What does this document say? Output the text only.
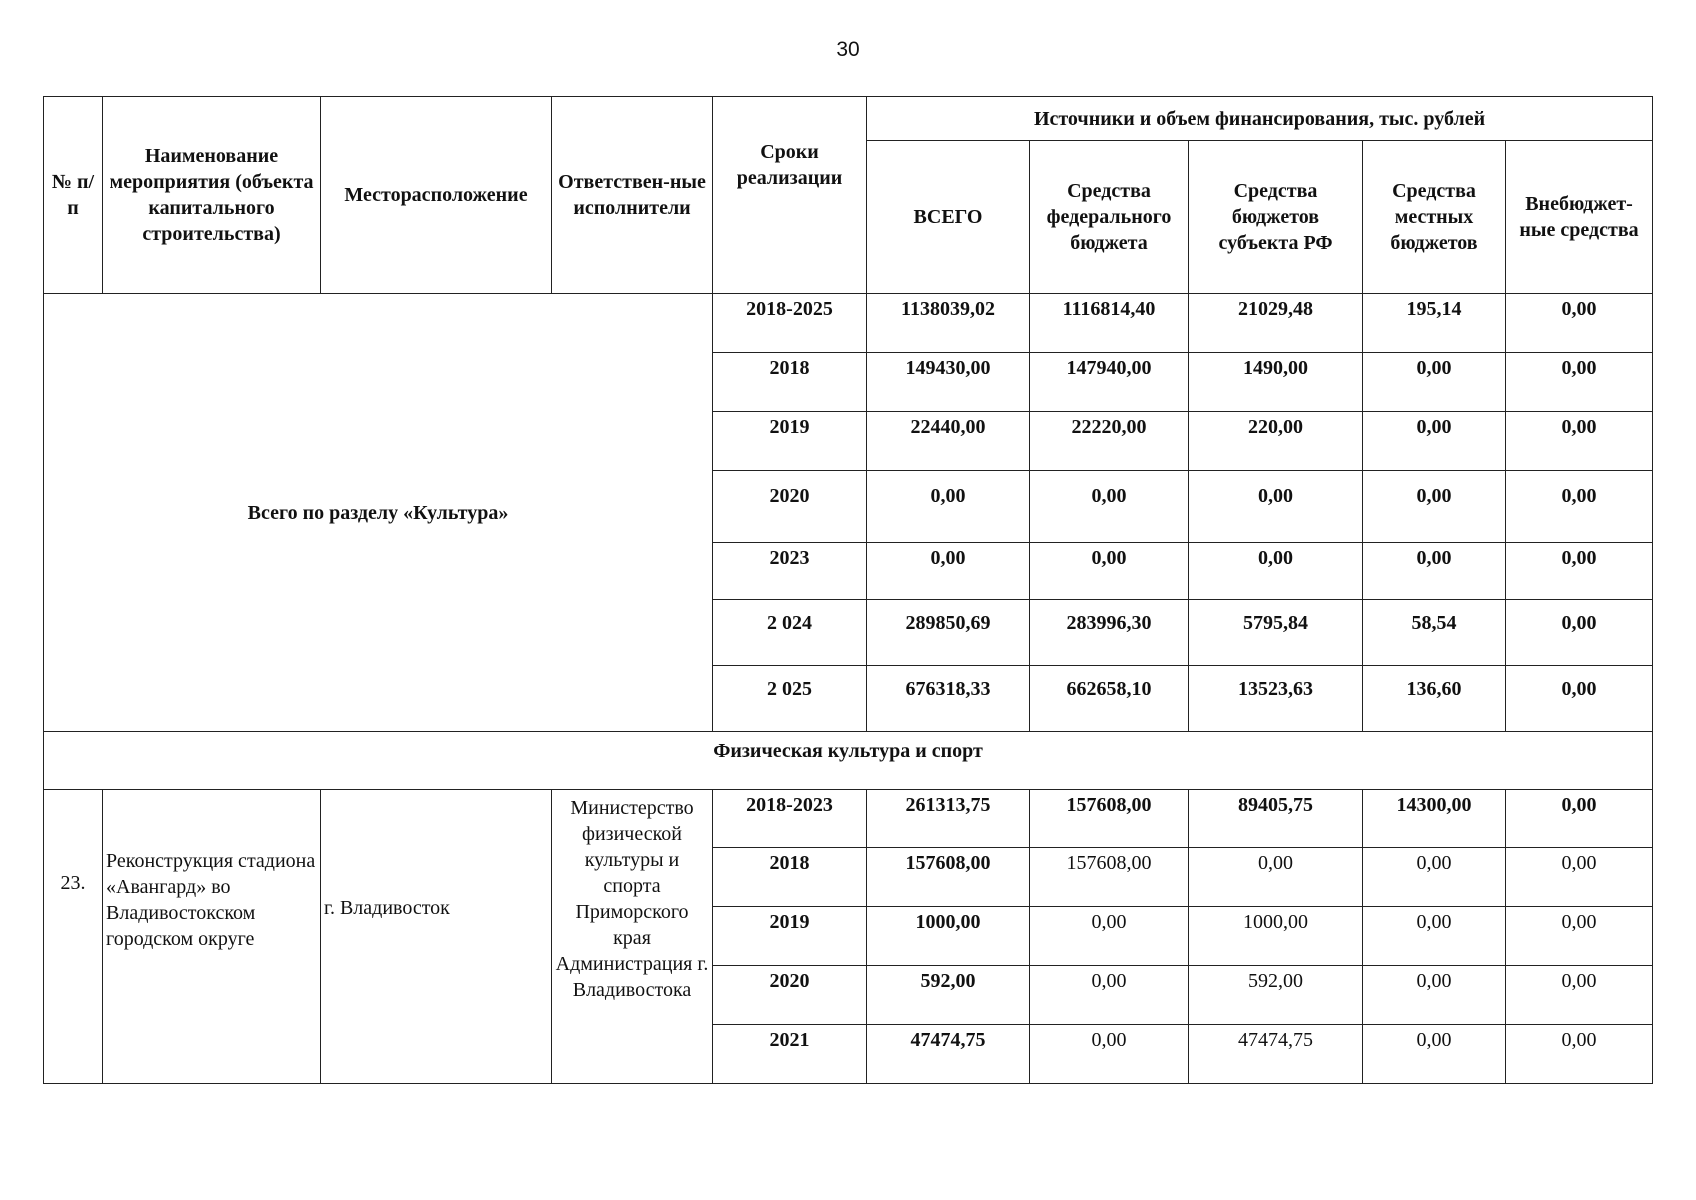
30
№ п/п	Наименование мероприятия (объекта капитального строительства)	Месторасположение	Ответствен-ные исполнители	Сроки реализации	Источники и объем финансирования, тыс. рублей				
					ВСЕГО	Средства федерального бюджета	Средства бюджетов субъекта РФ	Средства местных бюджетов	Внебюджет-ные средства
Всего по разделу «Культура»				2018-2025	1138039,02	1116814,40	21029,48	195,14	0,00
				2018	149430,00	147940,00	1490,00	0,00	0,00
				2019	22440,00	22220,00	220,00	0,00	0,00
				2020	0,00	0,00	0,00	0,00	0,00
				2023	0,00	0,00	0,00	0,00	0,00
				2 024	289850,69	283996,30	5795,84	58,54	0,00
				2 025	676318,33	662658,10	13523,63	136,60	0,00
Физическая культура и спорт									
23.	Реконструкция стадиона «Авангард» во Владивостокском городском округе	г. Владивосток	Министерство физической культуры и спорта Приморского края Администрация г. Владивостока	2018-2023	261313,75	157608,00	89405,75	14300,00	0,00
				2018	157608,00	157608,00	0,00	0,00	0,00
				2019	1000,00	0,00	1000,00	0,00	0,00
				2020	592,00	0,00	592,00	0,00	0,00
				2021	47474,75	0,00	47474,75	0,00	0,00
